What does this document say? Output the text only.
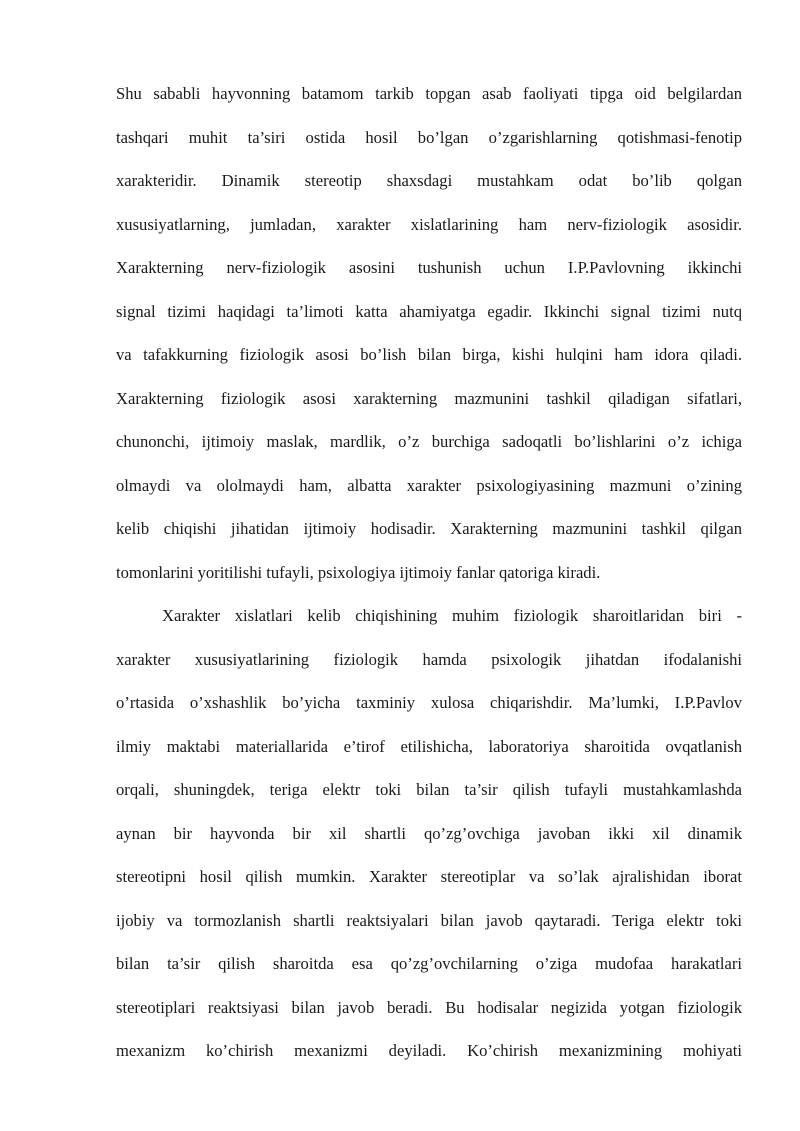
Shu sababli hayvonning batamom tarkib topgan asab faoliyati tipga oid belgilardan
tashqari muhit ta’siri ostida hosil bo’lgan o’zgarishlarning qotishmasi-fenotip
xarakteridir. Dinamik stereotip shaxsdagi mustahkam odat bo’lib qolgan
xususiyatlarning, jumladan, xarakter xislatlarining ham nerv-fiziologik asosidir.
Xarakterning nerv-fiziologik asosini tushunish uchun I.P.Pavlovning ikkinchi
signal tizimi haqidagi ta’limoti katta ahamiyatga egadir. Ikkinchi signal tizimi nutq
va tafakkurning fiziologik asosi bo’lish bilan birga, kishi hulqini ham idora qiladi.
Xarakterning fiziologik asosi xarakterning mazmunini tashkil qiladigan sifatlari,
chunonchi, ijtimoiy maslak, mardlik, o’z burchiga sadoqatli bo’lishlarini o’z ichiga
olmaydi va ololmaydi ham, albatta xarakter psixologiyasining mazmuni o’zining
kelib chiqishi jihatidan ijtimoiy hodisadir. Xarakterning mazmunini tashkil qilgan
tomonlarini yoritilishi tufayli, psixologiya ijtimoiy fanlar qatoriga kiradi.
Xarakter xislatlari kelib chiqishining muhim fiziologik sharoitlaridan biri -
xarakter xususiyatlarining fiziologik hamda psixologik jihatdan ifodalanishi
o’rtasida o’xshashlik bo’yicha taxminiy xulosa chiqarishdir. Ma’lumki, I.P.Pavlov
ilmiy maktabi materiallarida e’tirof etilishicha, laboratoriya sharoitida ovqatlanish
orqali, shuningdek, teriga elektr toki bilan ta’sir qilish tufayli mustahkamlashda
aynan bir hayvonda bir xil shartli qo’zg’ovchiga javoban ikki xil dinamik
stereotipni hosil qilish mumkin. Xarakter stereotiplar va so’lak ajralishidan iborat
ijobiy va tormozlanish shartli reaktsiyalari bilan javob qaytaradi. Teriga elektr toki
bilan ta’sir qilish sharoitda esa qo’zg’ovchilarning o’ziga mudofaa harakatlari
stereotiplari reaktsiyasi bilan javob beradi. Bu hodisalar negizida yotgan fiziologik
mexanizm ko’chirish mexanizmi deyiladi. Ko’chirish mexanizmining mohiyati
